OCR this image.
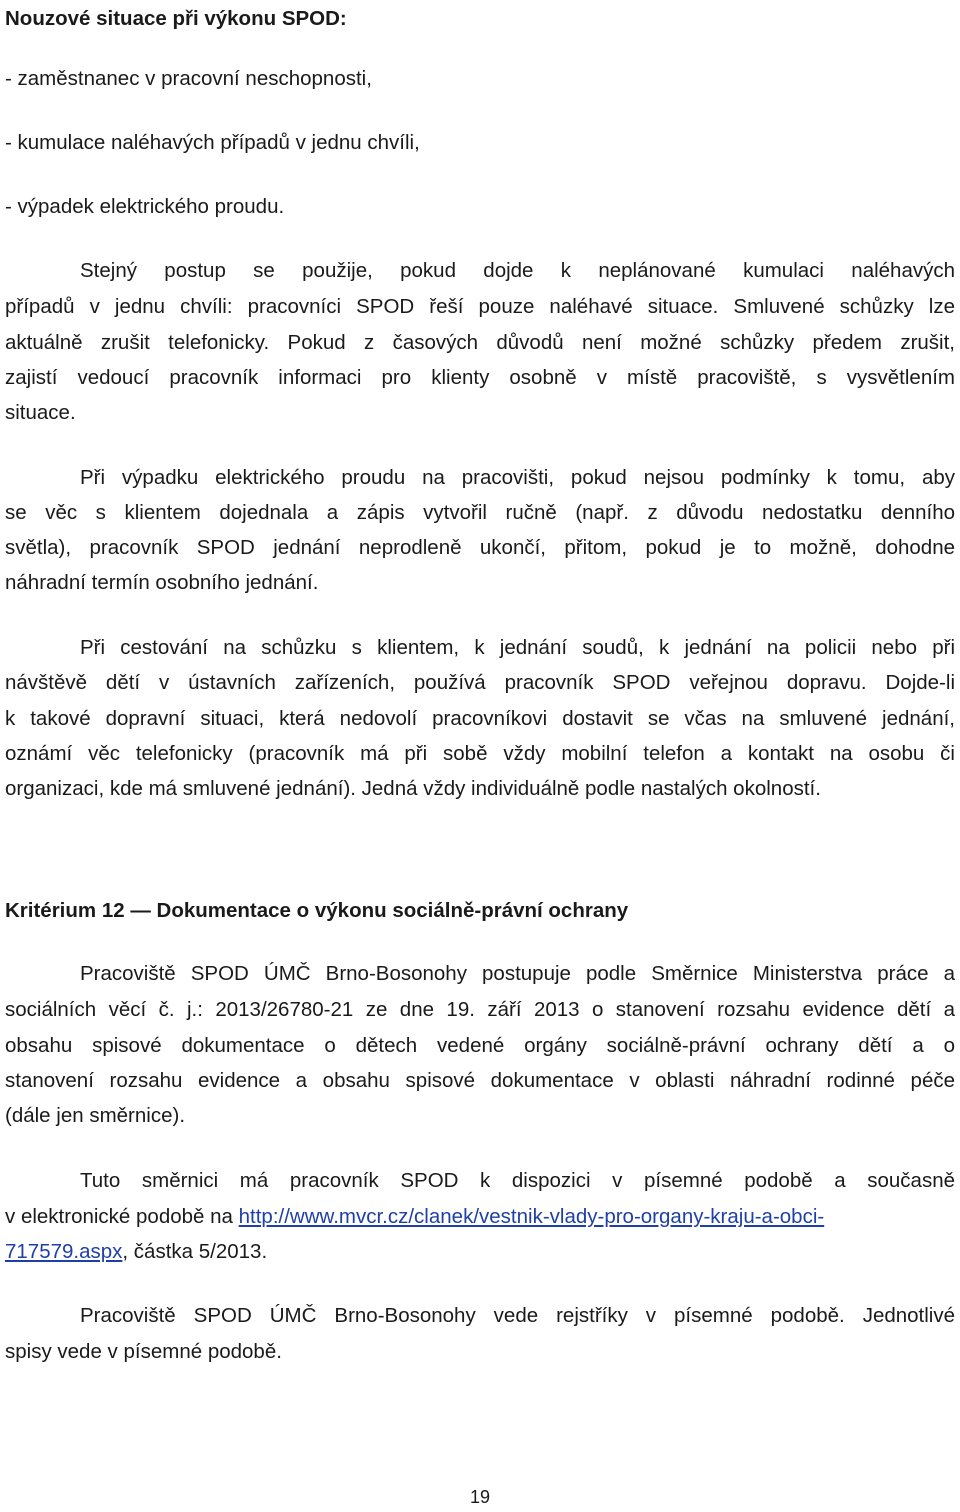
Nouzové situace při výkonu SPOD:
- zaměstnanec v pracovní neschopnosti,
- kumulace naléhavých případů v jednu chvíli,
- výpadek elektrického proudu.
Stejný postup se použije, pokud dojde k neplánované kumulaci naléhavých
případů v jednu chvíli: pracovníci SPOD řeší pouze naléhavé situace. Smluvené schůzky lze
aktuálně zrušit telefonicky. Pokud z časových důvodů není možné schůzky předem zrušit,
zajistí vedoucí pracovník informaci pro klienty osobně v místě pracoviště, s vysvětlením
situace.
Při výpadku elektrického proudu na pracovišti, pokud nejsou podmínky k tomu, aby
se věc s klientem dojednala a zápis vytvořil ručně (např. z důvodu nedostatku denního
světla), pracovník SPOD jednání neprodleně ukončí, přitom, pokud je to možně, dohodne
náhradní termín osobního jednání.
Při cestování na schůzku s klientem, k jednání soudů, k jednání na policii nebo při
návštěvě dětí v ústavních zařízeních, používá pracovník SPOD veřejnou dopravu. Dojde-li
k takové dopravní situaci, která nedovolí pracovníkovi dostavit se včas na smluvené jednání,
oznámí věc telefonicky (pracovník má při sobě vždy mobilní telefon a kontakt na osobu či
organizaci, kde má smluvené jednání). Jedná vždy individuálně podle nastalých okolností.
Kritérium 12 — Dokumentace o výkonu sociálně-právní ochrany
Pracoviště SPOD ÚMČ Brno-Bosonohy postupuje podle Směrnice Ministerstva práce a
sociálních věcí č. j.: 2013/26780-21 ze dne 19. září 2013 o stanovení rozsahu evidence dětí a
obsahu spisové dokumentace o dětech vedené orgány sociálně-právní ochrany dětí a o
stanovení rozsahu evidence a obsahu spisové dokumentace v oblasti náhradní rodinné péče
(dále jen směrnice).
Tuto směrnici má pracovník SPOD k dispozici v písemné podobě a současně
v elektronické podobě na http://www.mvcr.cz/clanek/vestnik-vlady-pro-organy-kraju-a-obci-
717579.aspx, částka 5/2013.
Pracoviště SPOD ÚMČ Brno-Bosonohy vede rejstříky v písemné podobě. Jednotlivé
spisy vede v písemné podobě.
19
